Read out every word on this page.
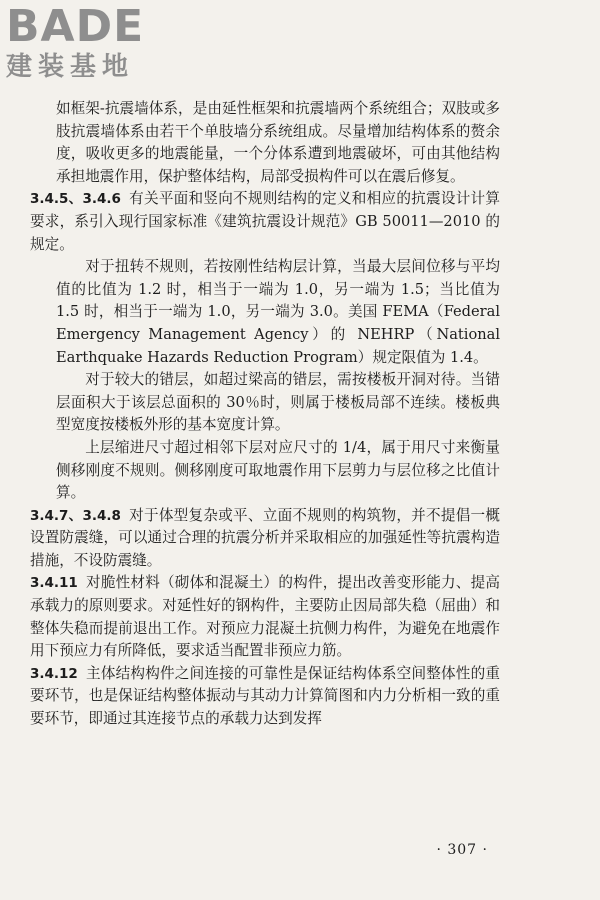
BADE
建装基地

如框架-抗震墙体系，是由延性框架和抗震墙两个系统组合；双肢或多肢抗震墙体系由若干个单肢墙分系统组成。尽量增加结构体系的赘余度，吸收更多的地震能量，一个分体系遭到地震破坏，可由其他结构承担地震作用，保护整体结构，局部受损构件可以在震后修复。

3.4.5、3.4.6 有关平面和竖向不规则结构的定义和相应的抗震设计计算要求，系引入现行国家标准《建筑抗震设计规范》GB 50011—2010 的规定。

对于扭转不规则，若按刚性结构层计算，当最大层间位移与平均值的比值为 1.2 时，相当于一端为 1.0，另一端为 1.5；当比值为 1.5 时，相当于一端为 1.0，另一端为 3.0。美国 FEMA（Federal Emergency Management Agency）的 NEHRP（National Earthquake Hazards Reduction Program）规定限值为 1.4。

对于较大的错层，如超过梁高的错层，需按楼板开洞对待。当错层面积大于该层总面积的 30％时，则属于楼板局部不连续。楼板典型宽度按楼板外形的基本宽度计算。

上层缩进尺寸超过相邻下层对应尺寸的 1/4，属于用尺寸来衡量侧移刚度不规则。侧移刚度可取地震作用下层剪力与层位移之比值计算。

3.4.7、3.4.8 对于体型复杂或平、立面不规则的构筑物，并不提倡一概设置防震缝，可以通过合理的抗震分析并采取相应的加强延性等抗震构造措施，不设防震缝。

3.4.11 对脆性材料（砌体和混凝土）的构件，提出改善变形能力、提高承载力的原则要求。对延性好的钢构件，主要防止因局部失稳（屈曲）和整体失稳而提前退出工作。对预应力混凝土抗侧力构件，为避免在地震作用下预应力有所降低，要求适当配置非预应力筋。

3.4.12 主体结构构件之间连接的可靠性是保证结构体系空间整体性的重要环节，也是保证结构整体振动与其动力计算简图和内力分析相一致的重要环节，即通过其连接节点的承载力达到发挥

· 307 ·
